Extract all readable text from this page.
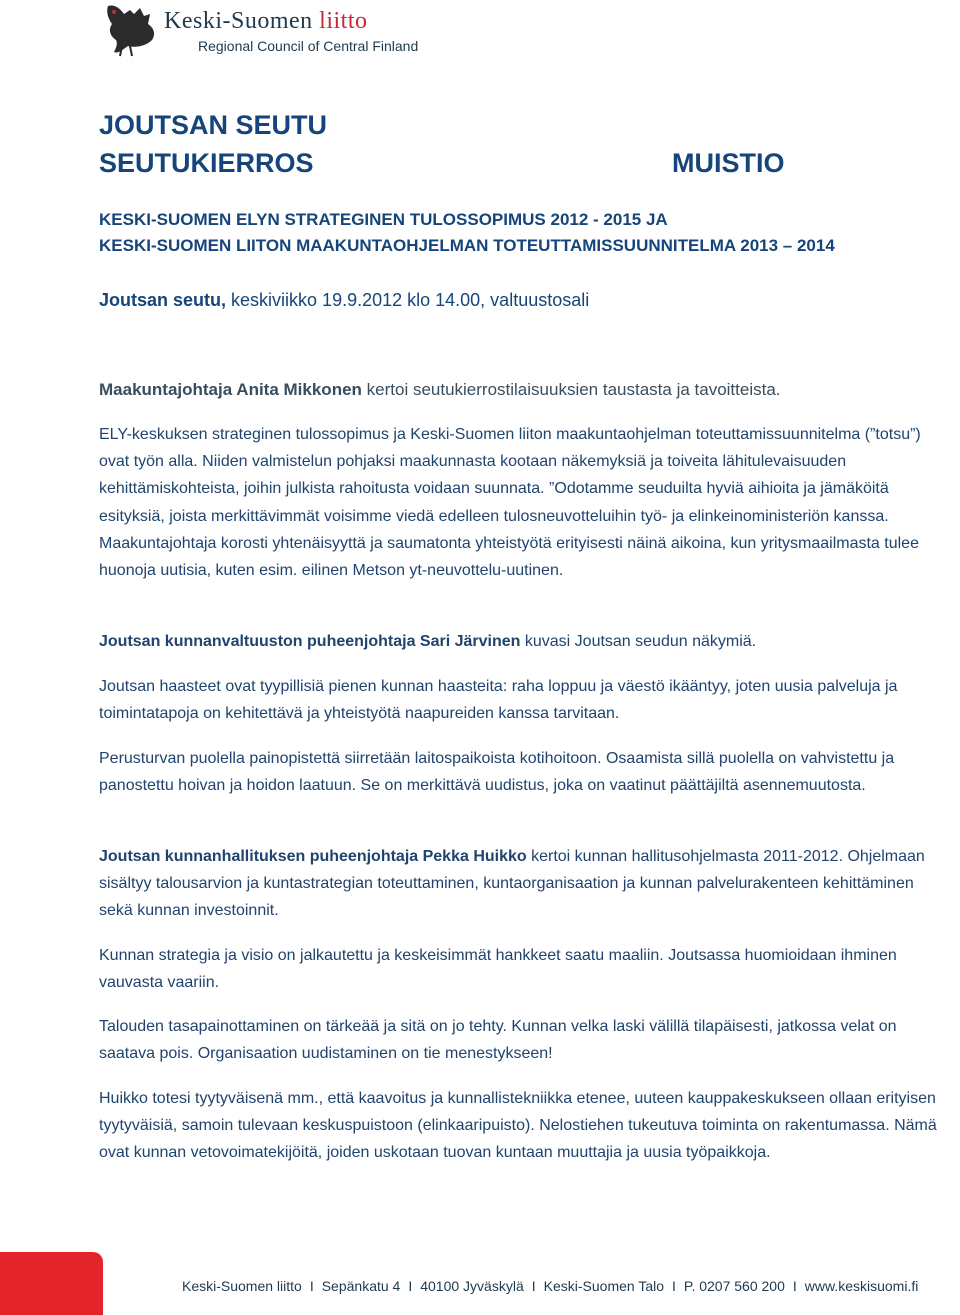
Keski-Suomen liitto
Regional Council of Central Finland
JOUTSAN SEUTU
SEUTUKIERROS	MUISTIO
KESKI-SUOMEN ELYN STRATEGINEN TULOSSOPIMUS 2012 - 2015 JA
KESKI-SUOMEN LIITON MAAKUNTAOHJELMAN TOTEUTTAMISSUUNNITELMA 2013 – 2014
Joutsan seutu, keskiviikko 19.9.2012 klo 14.00, valtuustosali
Maakuntajohtaja Anita Mikkonen kertoi seutukierrostilaisuuksien taustasta ja tavoitteista.

ELY-keskuksen strateginen tulossopimus ja Keski-Suomen liiton maakuntaohjelman toteuttamissuunnitelma (”totsu”) ovat työn alla. Niiden valmistelun pohjaksi maakunnasta kootaan näkemyksiä ja toiveita lähitulevaisuuden kehittämiskohteista, joihin julkista rahoitusta voidaan suunnata. ”Odotamme seuduilta hyviä aihioita ja jämäköitä esityksiä, joista merkittävimmät voisimme viedä edelleen tulosneuvotteluihin työ- ja elinkeinoministeriön kanssa. Maakuntajohtaja korosti yhtenäisyyttä ja saumatonta yhteistyötä erityisesti näinä aikoina, kun yritysmaailmasta tulee huonoja uutisia, kuten esim. eilinen Metson yt-neuvottelu-uutinen.

Joutsan kunnanvaltuuston puheenjohtaja Sari Järvinen kuvasi Joutsan seudun näkymiä.

Joutsan haasteet ovat tyypillisiä pienen kunnan haasteita: raha loppuu ja väestö ikääntyy, joten uusia palveluja ja toimintatapoja on kehitettävä ja yhteistyötä naapureiden kanssa tarvitaan.

Perusturvan puolella painopistettä siirretään laitospaikoista kotihoitoon. Osaamista sillä puolella on vahvistettu ja panostettu hoivan ja hoidon laatuun. Se on merkittävä uudistus, joka on vaatinut päättäjiltä asennemuutosta.

Joutsan kunnanhallituksen puheenjohtaja Pekka Huikko kertoi kunnan hallitusohjelmasta 2011-2012. Ohjelmaan sisältyy talousarvion ja kuntastrategian toteuttaminen, kuntaorganisaation ja kunnan palvelurakenteen kehittäminen sekä kunnan investoinnit.

Kunnan strategia ja visio on jalkautettu ja keskeisimmät hankkeet saatu maaliin. Joutsassa huomioidaan ihminen vauvasta vaariin.

Talouden tasapainottaminen on tärkeää ja sitä on jo tehty. Kunnan velka laski välillä tilapäisesti, jatkossa velat on saatava pois. Organisaation uudistaminen on tie menestykseen!

Huikko totesi tyytyväisenä mm., että kaavoitus ja kunnallistekniikka etenee, uuteen kauppakeskukseen ollaan erityisen tyytyväisiä, samoin tulevaan keskuspuistoon (elinkaaripuisto). Nelostiehen tukeutuva toiminta on rakentumassa. Nämä ovat kunnan vetovoimatekijöitä, joiden uskotaan tuovan kuntaan muuttajia ja uusia työpaikkoja.

Keski-Suomen liitto I Sepänkatu 4 I 40100 Jyväskylä I Keski-Suomen Talo I P. 0207 560 200 I www.keskisuomi.fi
